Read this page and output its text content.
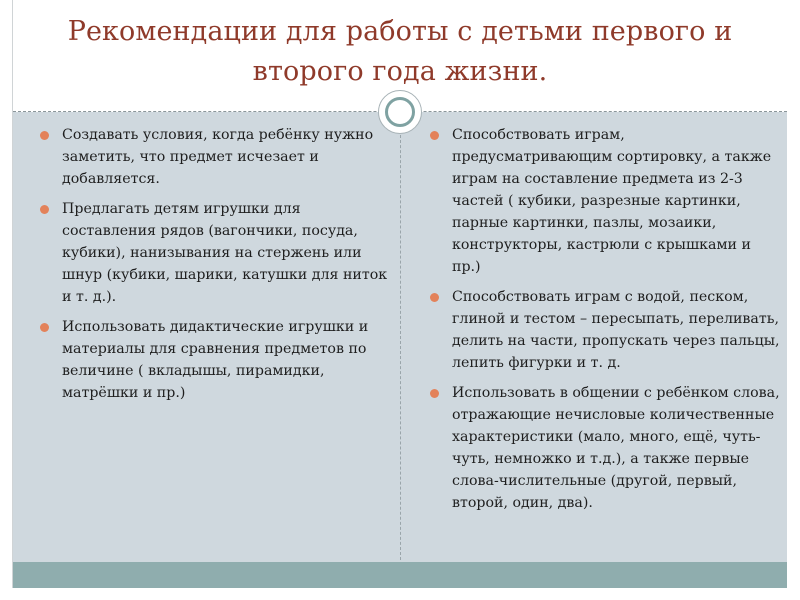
Рекомендации для работы с детьми первого и
второго года жизни.
Создавать условия, когда ребёнку нужно заметить, что предмет исчезает и добавляется.
Предлагать детям игрушки для составления рядов (вагончики, посуда, кубики), нанизывания на стержень или шнур (кубики, шарики, катушки для ниток и т. д.).
Использовать дидактические игрушки и материалы для сравнения предметов по величине ( вкладышы, пирамидки, матрёшки и пр.)
Способствовать играм, предусматривающим сортировку, а также играм на составление предмета из 2-3 частей ( кубики, разрезные картинки, парные картинки, пазлы, мозаики, конструкторы, кастрюли с крышками и пр.)
Способствовать играм с водой, песком, глиной и тестом – пересыпать, переливать, делить на части, пропускать через пальцы, лепить фигурки и т. д.
Использовать в общении с ребёнком слова, отражающие нечисловые количественные характеристики (мало, много, ещё, чуть-чуть, немножко и т.д.), а также первые слова-числительные (другой, первый, второй, один, два).
